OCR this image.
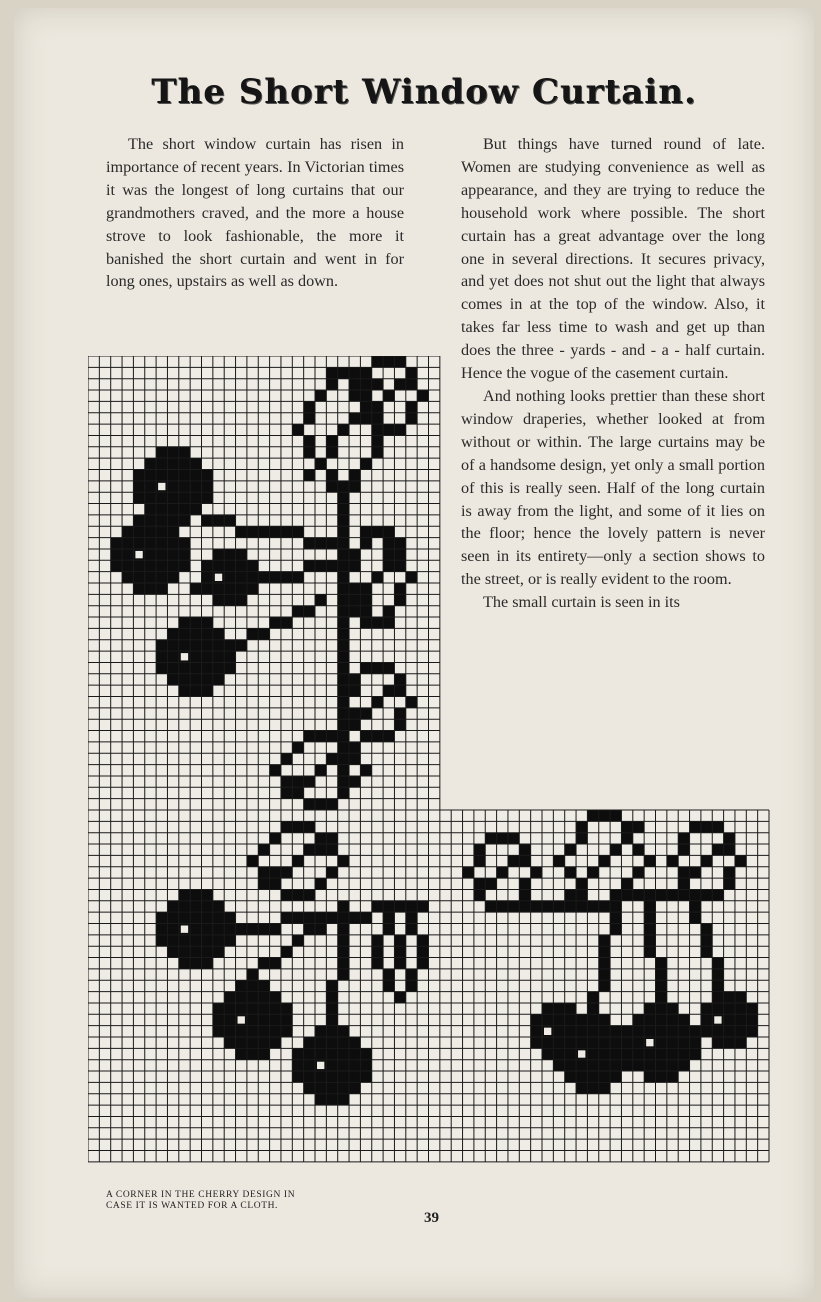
The Short Window Curtain.

The short window curtain has risen in importance of recent years. In Victorian times it was the longest of long curtains that our grandmothers craved, and the more a house strove to look fashionable, the more it banished the short curtain and went in for long ones, upstairs as well as down.

But things have turned round of late. Women are studying convenience as well as appearance, and they are trying to reduce the household work where possible. The short curtain has a great advantage over the long one in several directions. It secures privacy, and yet does not shut out the light that always comes in at the top of the window. Also, it takes far less time to wash and get up than does the three - yards - and - a - half curtain. Hence the vogue of the casement curtain.

And nothing looks prettier than these short window draperies, whether looked at from without or within. The large curtains may be of a handsome design, yet only a small portion of this is really seen. Half of the long curtain is away from the light, and some of it lies on the floor; hence the lovely pattern is never seen in its entirety—only a section shows to the street, or is really evident to the room.

The small curtain is seen in its

A CORNER IN THE CHERRY DESIGN IN
CASE IT IS WANTED FOR A CLOTH.
39
